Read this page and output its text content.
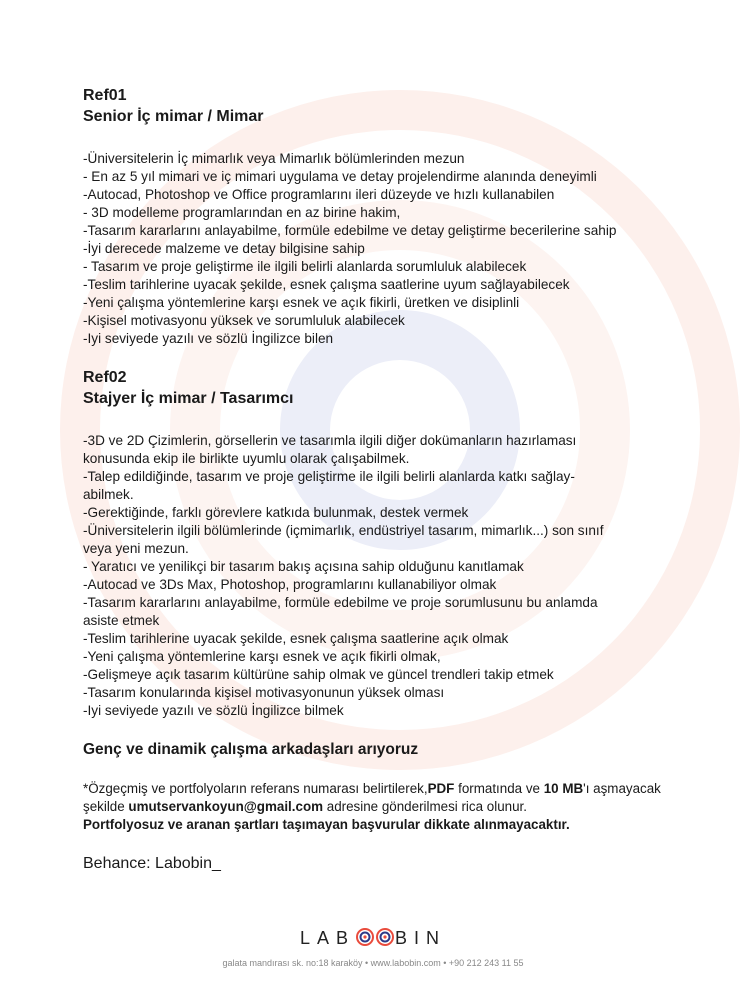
Ref01

Senior İç mimar / Mimar

-Üniversitelerin İç mimarlık veya Mimarlık bölümlerinden mezun
- En az 5 yıl mimari ve iç mimari uygulama ve detay projelendirme alanında deneyimli
-Autocad, Photoshop ve Office programlarını ileri düzeyde ve hızlı kullanabilen
- 3D modelleme programlarından en az birine hakim,
-Tasarım kararlarını anlayabilme, formüle edebilme ve detay geliştirme becerilerine sahip
-İyi derecede malzeme ve detay bilgisine sahip
- Tasarım ve proje geliştirme ile ilgili belirli alanlarda sorumluluk alabilecek
-Teslim tarihlerine uyacak şekilde, esnek çalışma saatlerine uyum sağlayabilecek
-Yeni çalışma yöntemlerine karşı esnek ve açık fikirli, üretken ve disiplinli
-Kişisel motivasyonu yüksek ve sorumluluk alabilecek
-Iyi seviyede yazılı ve sözlü İngilizce bilen

Ref02

Stajyer İç mimar / Tasarımcı

-3D ve 2D Çizimlerin, görsellerin ve tasarımla ilgili diğer dokümanların hazırlaması
konusunda ekip ile birlikte uyumlu olarak çalışabilmek.
-Talep edildiğinde, tasarım ve proje geliştirme ile ilgili belirli alanlarda katkı sağlay-
abilmek.
-Gerektiğinde, farklı görevlere katkıda bulunmak, destek vermek
-Üniversitelerin ilgili bölümlerinde (içmimarlık, endüstriyel tasarım, mimarlık...) son sınıf
veya yeni mezun.
- Yaratıcı ve yenilikçi bir tasarım bakış açısına sahip olduğunu kanıtlamak
-Autocad ve 3Ds Max, Photoshop, programlarını kullanabiliyor olmak
-Tasarım kararlarını anlayabilme, formüle edebilme ve proje sorumlusunu bu anlamda
asiste etmek
-Teslim tarihlerine uyacak şekilde, esnek çalışma saatlerine açık olmak
-Yeni çalışma yöntemlerine karşı esnek ve açık fikirli olmak,
-Gelişmeye açık tasarım kültürüne sahip olmak ve güncel trendleri takip etmek
-Tasarım konularında kişisel motivasyonunun yüksek olması
-Iyi seviyede yazılı ve sözlü İngilizce bilmek

Genç ve dinamik çalışma arkadaşları arıyoruz

*Özgeçmiş ve portfolyoların referans numarası belirtilerek,PDF formatında ve 10 MB'ı aşmayacak şekilde umutservankoyun@gmail.com adresine gönderilmesi rica olunur.
Portfolyosuz ve aranan şartları taşımayan başvurular dikkate alınmayacaktır.

Behance: Labobin_

LAB BIN
galata mandırası sk. no:18 karaköy • www.labobin.com • +90 212 243 11 55
